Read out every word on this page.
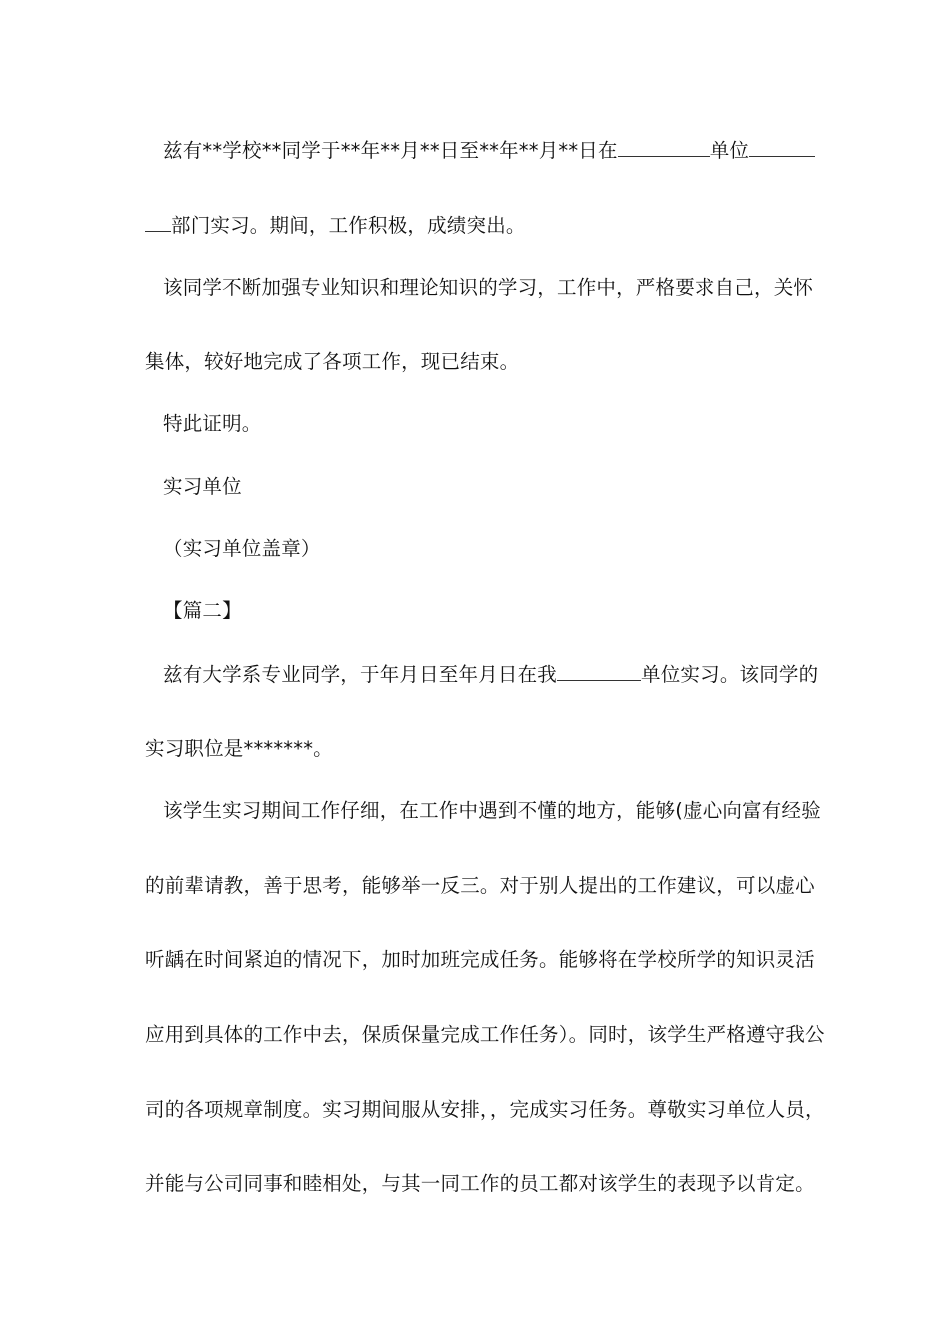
兹有**学校**同学于**年**月**日至**年**月**日在	单位
部门实习。期间，工作积极，成绩突出。
该同学不断加强专业知识和理论知识的学习，工作中，严格要求自己，关怀
集体，较好地完成了各项工作，现已结束。
特此证明。
实习单位
（实习单位盖章）
【篇二】
兹有大学系专业同学，于年月日至年月日在我	单位实习。该同学的
实习职位是*******。
该学生实习期间工作仔细，在工作中遇到不懂的地方，能够(虚心向富有经验
的前辈请教，善于思考，能够举一反三。对于别人提出的工作建议，可以虚心
听龋在时间紧迫的情况下，加时加班完成任务。能够将在学校所学的知识灵活
应用到具体的工作中去，保质保量完成工作任务）。同时，该学生严格遵守我公
司的各项规章制度。实习期间服从安排，，完成实习任务。尊敬实习单位人员，
并能与公司同事和睦相处，与其一同工作的员工都对该学生的表现予以肯定。
